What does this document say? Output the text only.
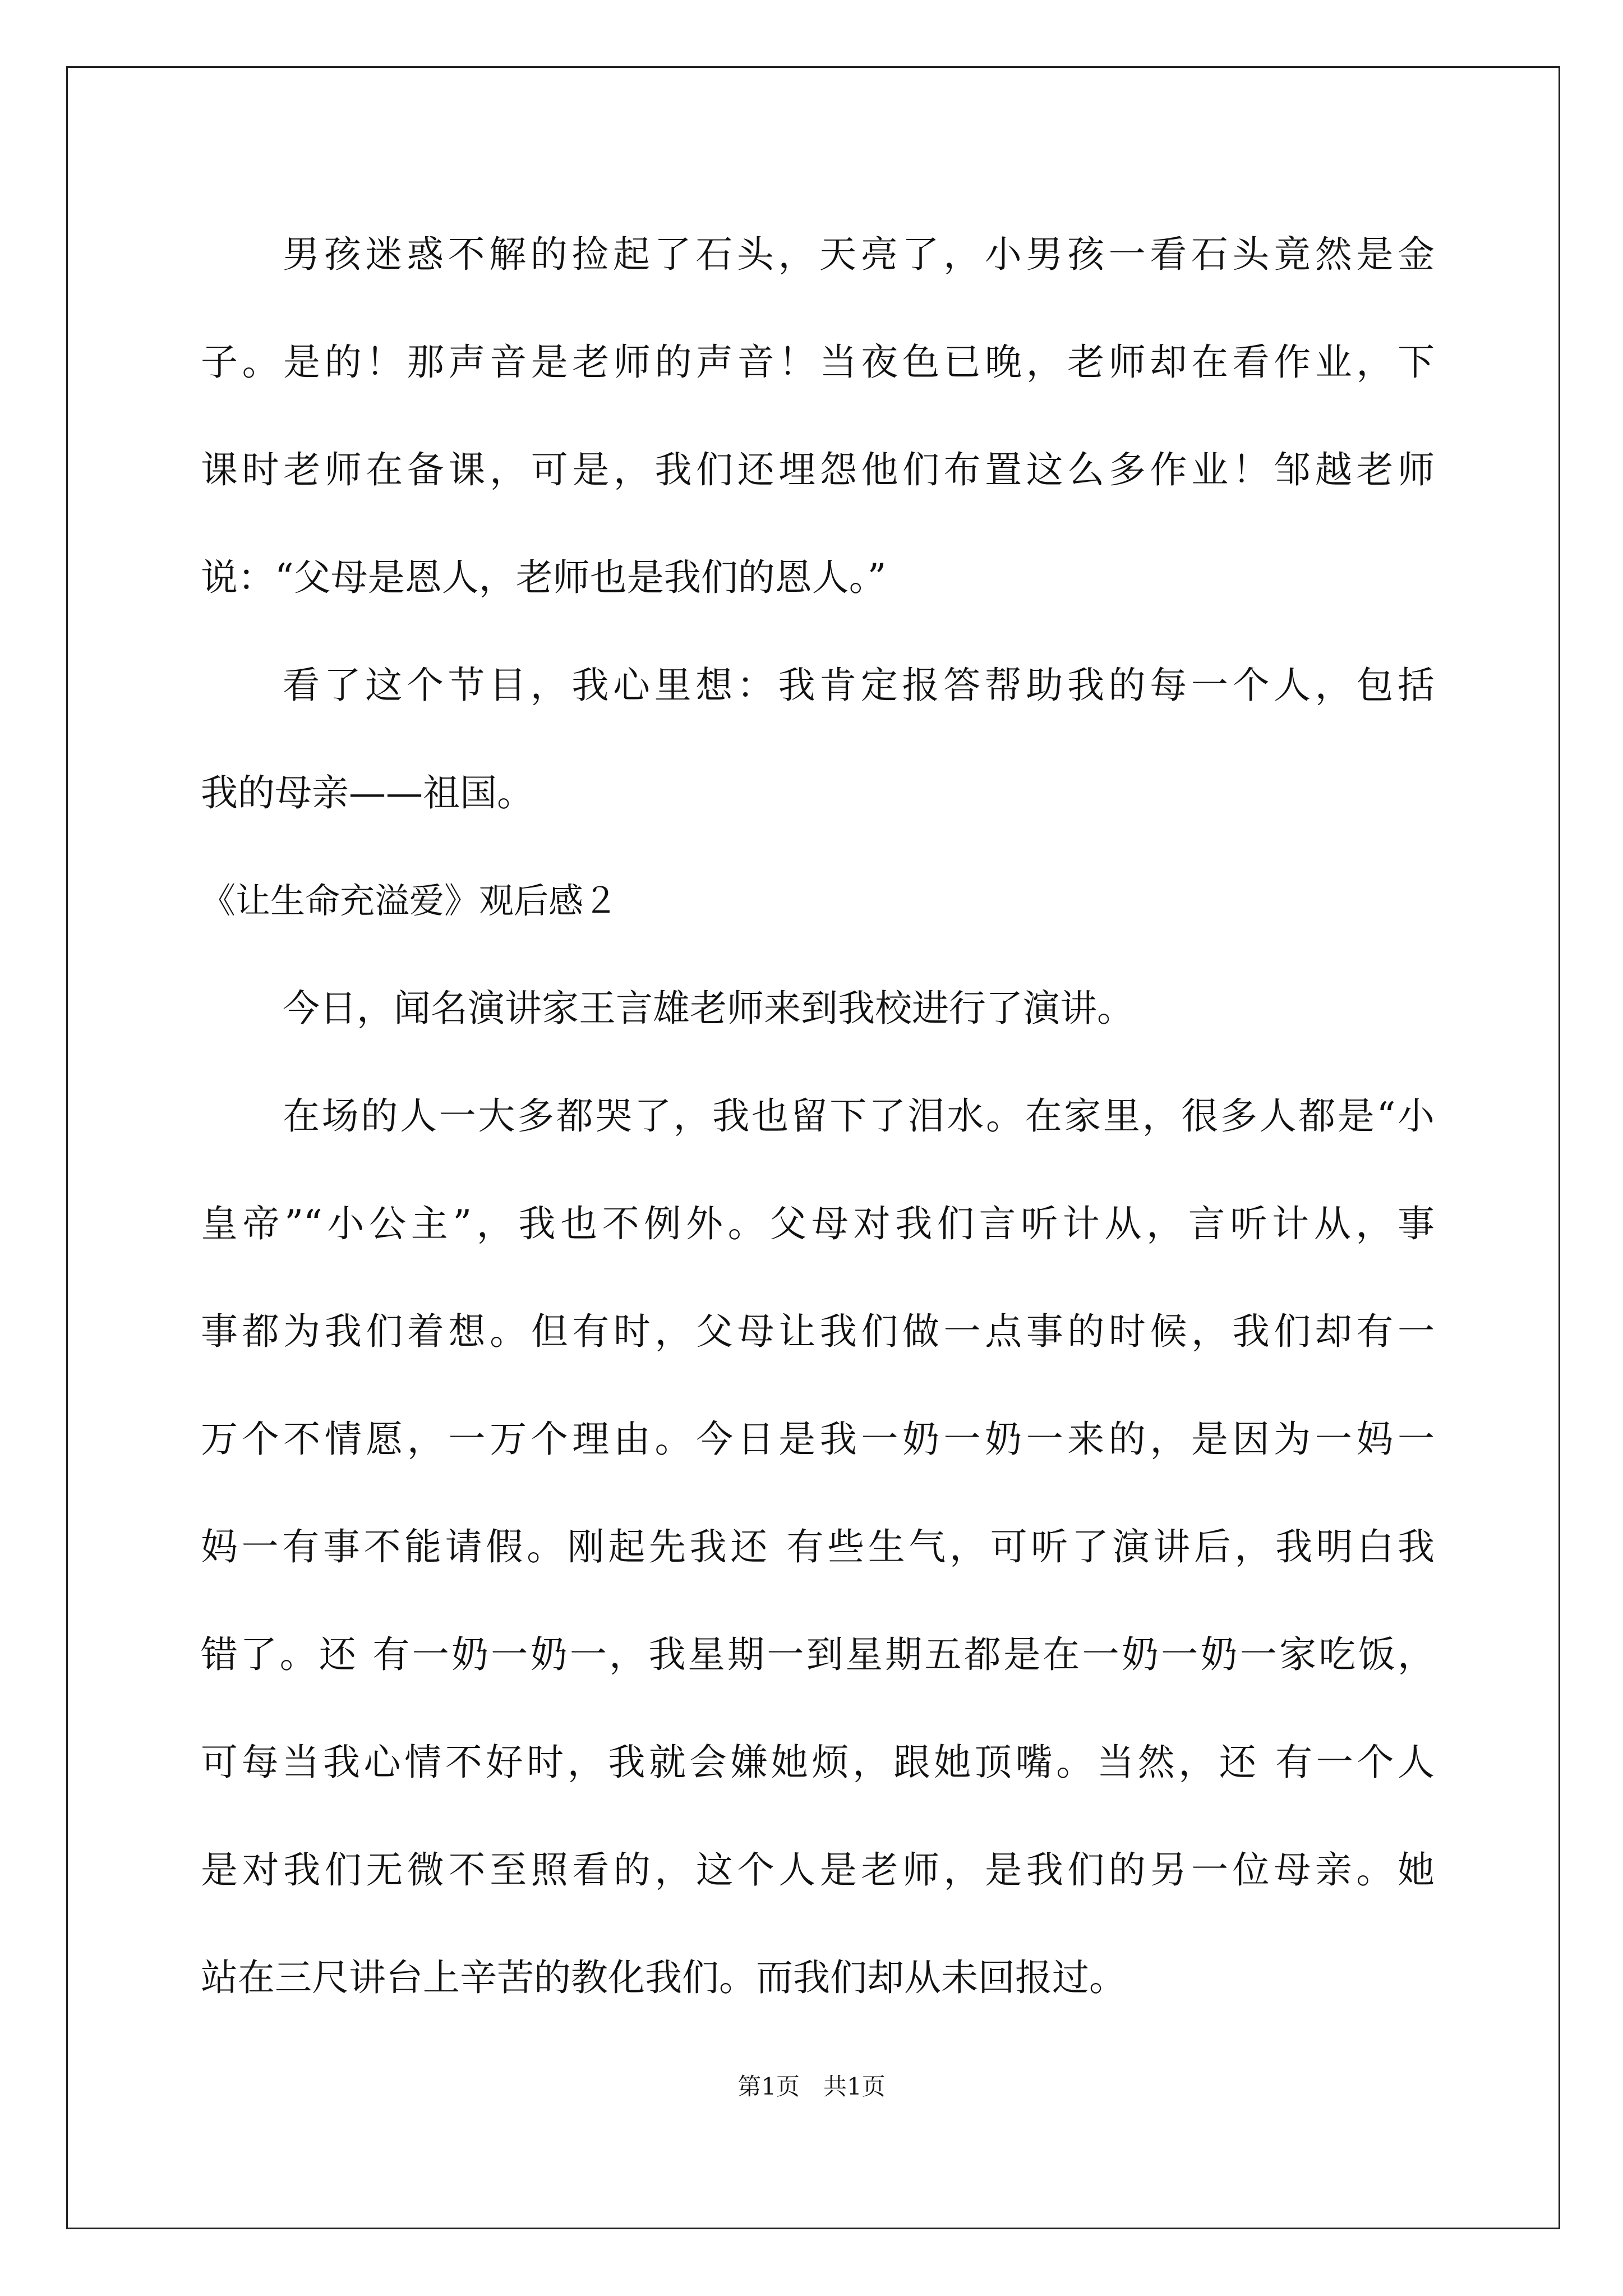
男孩迷惑不解的捡起了石头，天亮了，小男孩一看石头竟然是金
子。是的！那声音是老师的声音！当夜色已晚，老师却在看作业，下
课时老师在备课，可是，我们还埋怨他们布置这么多作业！邹越老师
说：“父母是恩人，老师也是我们的恩人。”
看了这个节目，我心里想：我肯定报答帮助我的每一个人，包括
我的母亲——祖国。
《让生命充溢爱》观后感２
今日，闻名演讲家王言雄老师来到我校进行了演讲。
在场的人一大多都哭了，我也留下了泪水。在家里，很多人都是“小
皇帝”“小公主”，我也不例外。父母对我们言听计从，言听计从，事
事都为我们着想。但有时，父母让我们做一点事的时候，我们却有一
万个不情愿，一万个理由。今日是我一奶一奶一来的，是因为一妈一
妈一有事不能请假。刚起先我还 有些生气，可听了演讲后，我明白我
错了。还 有一奶一奶一，我星期一到星期五都是在一奶一奶一家吃饭，
可每当我心情不好时，我就会嫌她烦，跟她顶嘴。当然，还 有一个人
是对我们无微不至照看的，这个人是老师，是我们的另一位母亲。她
站在三尺讲台上辛苦的教化我们。而我们却从未回报过。
第1页 共1页
